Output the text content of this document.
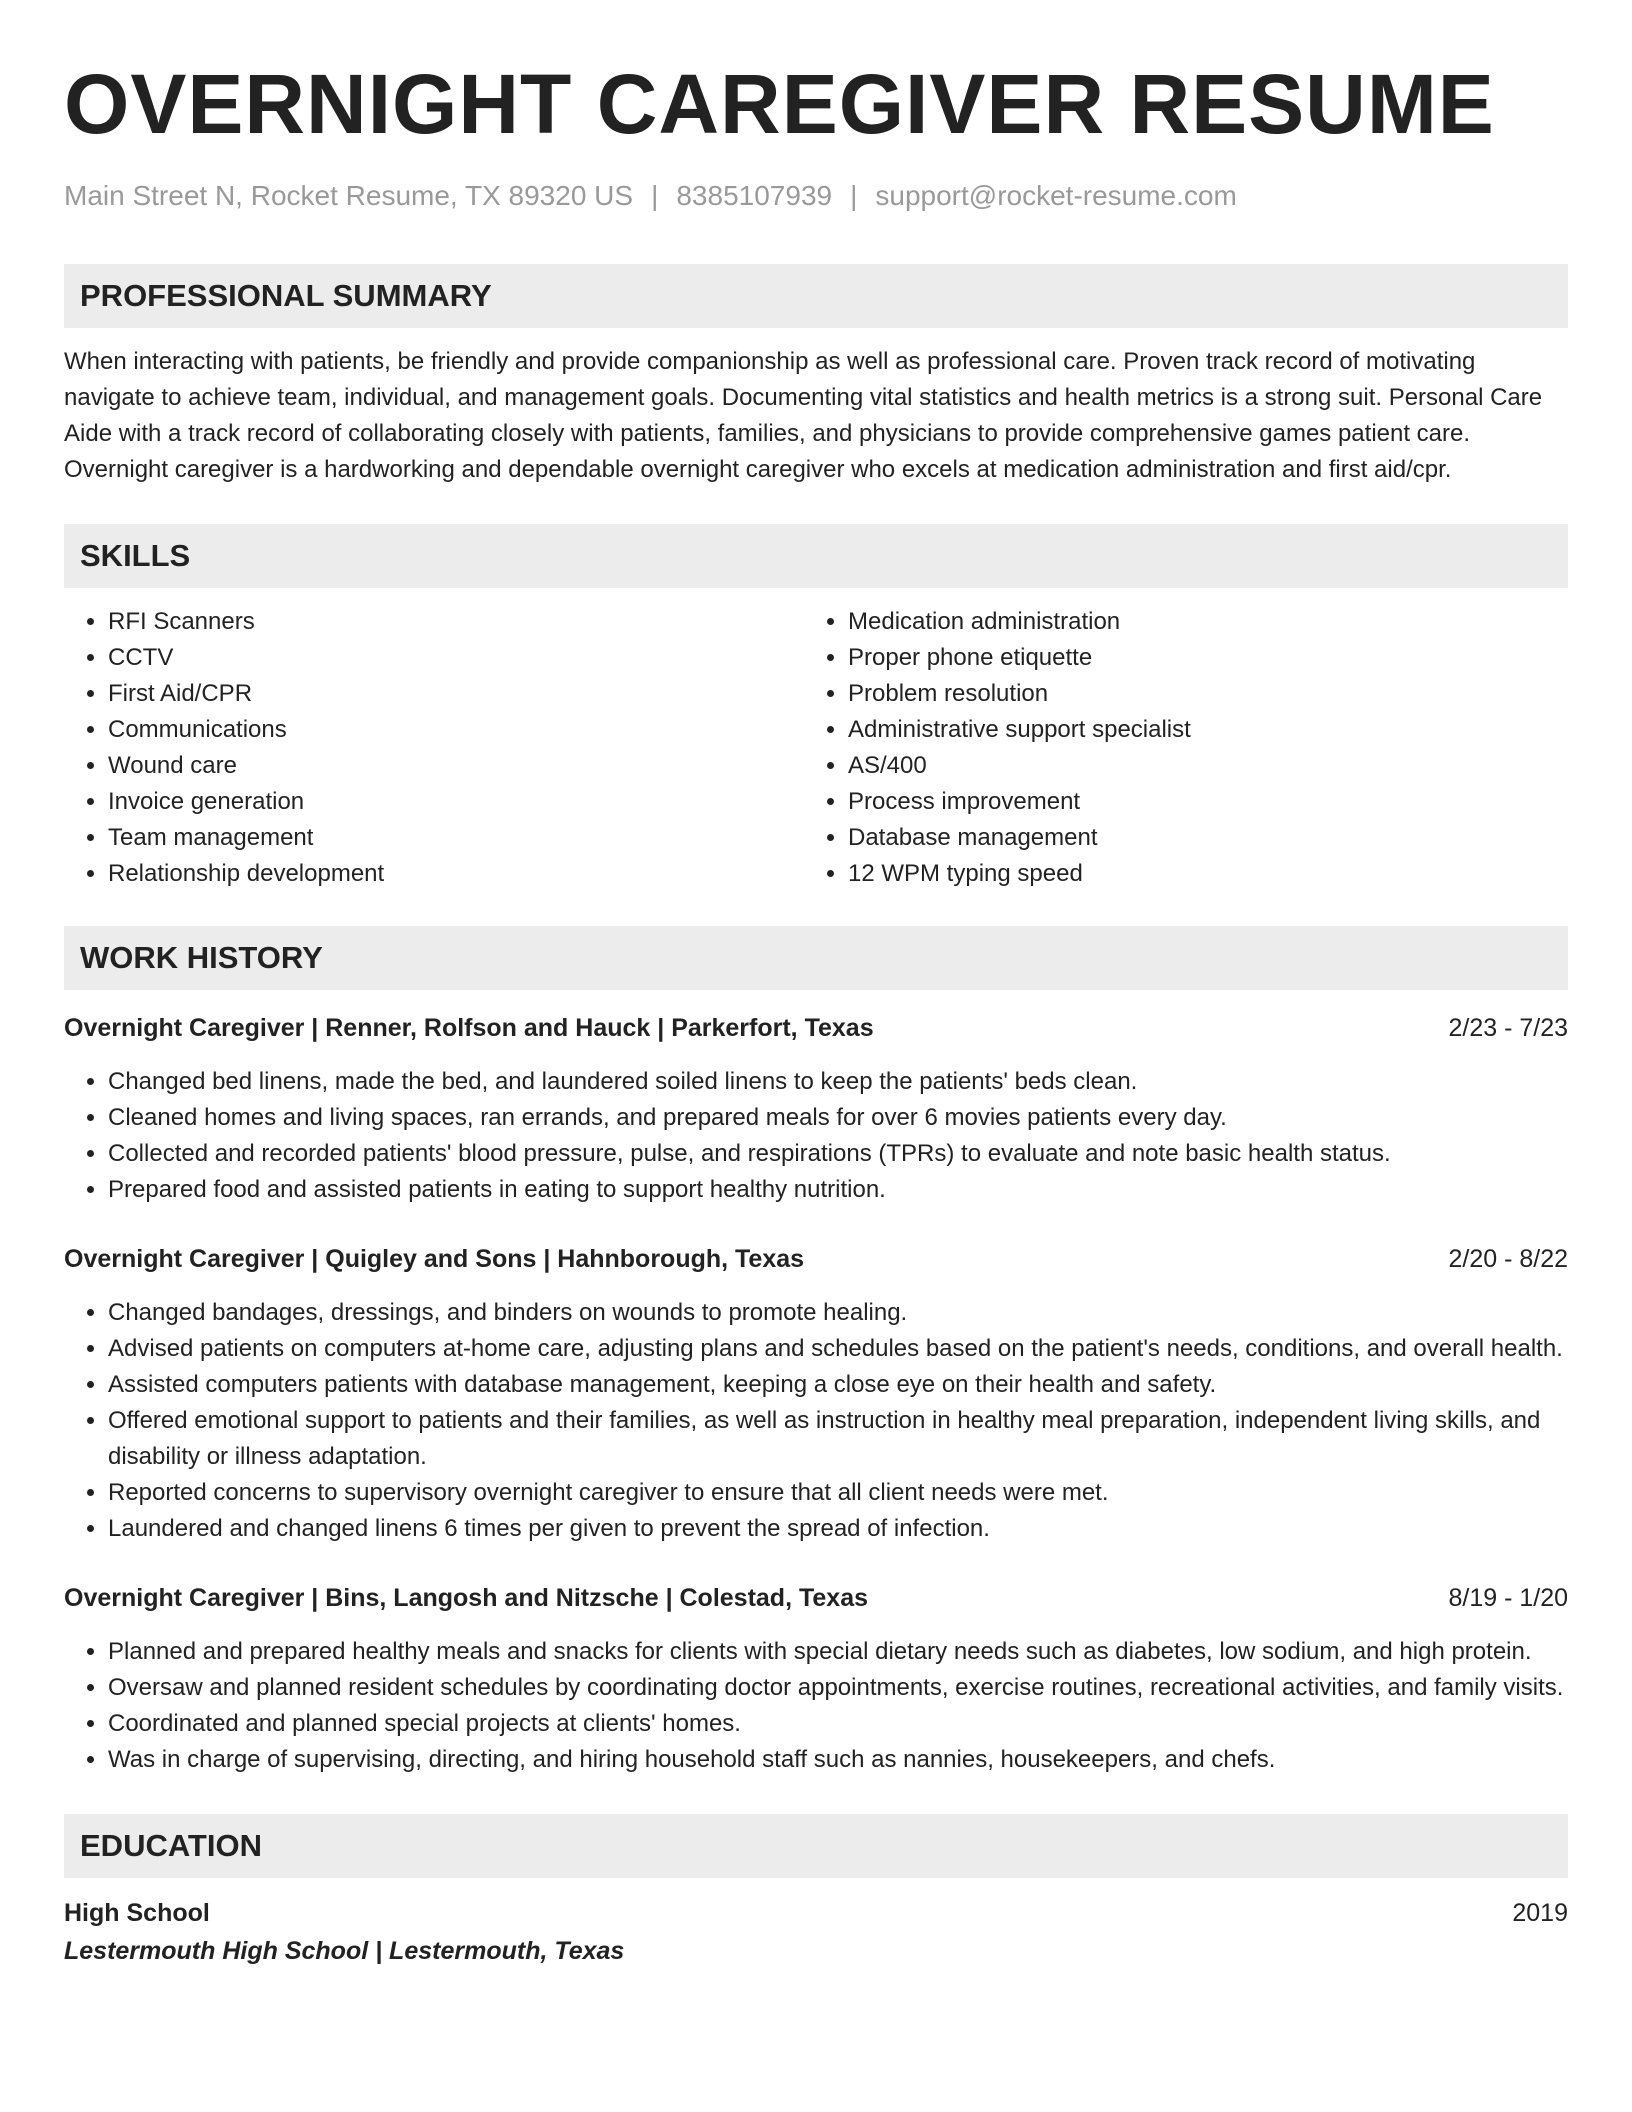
OVERNIGHT CAREGIVER RESUME
Main Street N, Rocket Resume, TX 89320 US | 8385107939 | support@rocket-resume.com
PROFESSIONAL SUMMARY
When interacting with patients, be friendly and provide companionship as well as professional care. Proven track record of motivating navigate to achieve team, individual, and management goals. Documenting vital statistics and health metrics is a strong suit. Personal Care Aide with a track record of collaborating closely with patients, families, and physicians to provide comprehensive games patient care. Overnight caregiver is a hardworking and dependable overnight caregiver who excels at medication administration and first aid/cpr.
SKILLS
• RFI Scanners
• CCTV
• First Aid/CPR
• Communications
• Wound care
• Invoice generation
• Team management
• Relationship development
• Medication administration
• Proper phone etiquette
• Problem resolution
• Administrative support specialist
• AS/400
• Process improvement
• Database management
• 12 WPM typing speed
WORK HISTORY
Overnight Caregiver | Renner, Rolfson and Hauck | Parkerfort, Texas	2/23 - 7/23
• Changed bed linens, made the bed, and laundered soiled linens to keep the patients' beds clean.
• Cleaned homes and living spaces, ran errands, and prepared meals for over 6 movies patients every day.
• Collected and recorded patients' blood pressure, pulse, and respirations (TPRs) to evaluate and note basic health status.
• Prepared food and assisted patients in eating to support healthy nutrition.
Overnight Caregiver | Quigley and Sons | Hahnborough, Texas	2/20 - 8/22
• Changed bandages, dressings, and binders on wounds to promote healing.
• Advised patients on computers at-home care, adjusting plans and schedules based on the patient's needs, conditions, and overall health.
• Assisted computers patients with database management, keeping a close eye on their health and safety.
• Offered emotional support to patients and their families, as well as instruction in healthy meal preparation, independent living skills, and disability or illness adaptation.
• Reported concerns to supervisory overnight caregiver to ensure that all client needs were met.
• Laundered and changed linens 6 times per given to prevent the spread of infection.
Overnight Caregiver | Bins, Langosh and Nitzsche | Colestad, Texas	8/19 - 1/20
• Planned and prepared healthy meals and snacks for clients with special dietary needs such as diabetes, low sodium, and high protein.
• Oversaw and planned resident schedules by coordinating doctor appointments, exercise routines, recreational activities, and family visits.
• Coordinated and planned special projects at clients' homes.
• Was in charge of supervising, directing, and hiring household staff such as nannies, housekeepers, and chefs.
EDUCATION
High School	2019
Lestermouth High School | Lestermouth, Texas
